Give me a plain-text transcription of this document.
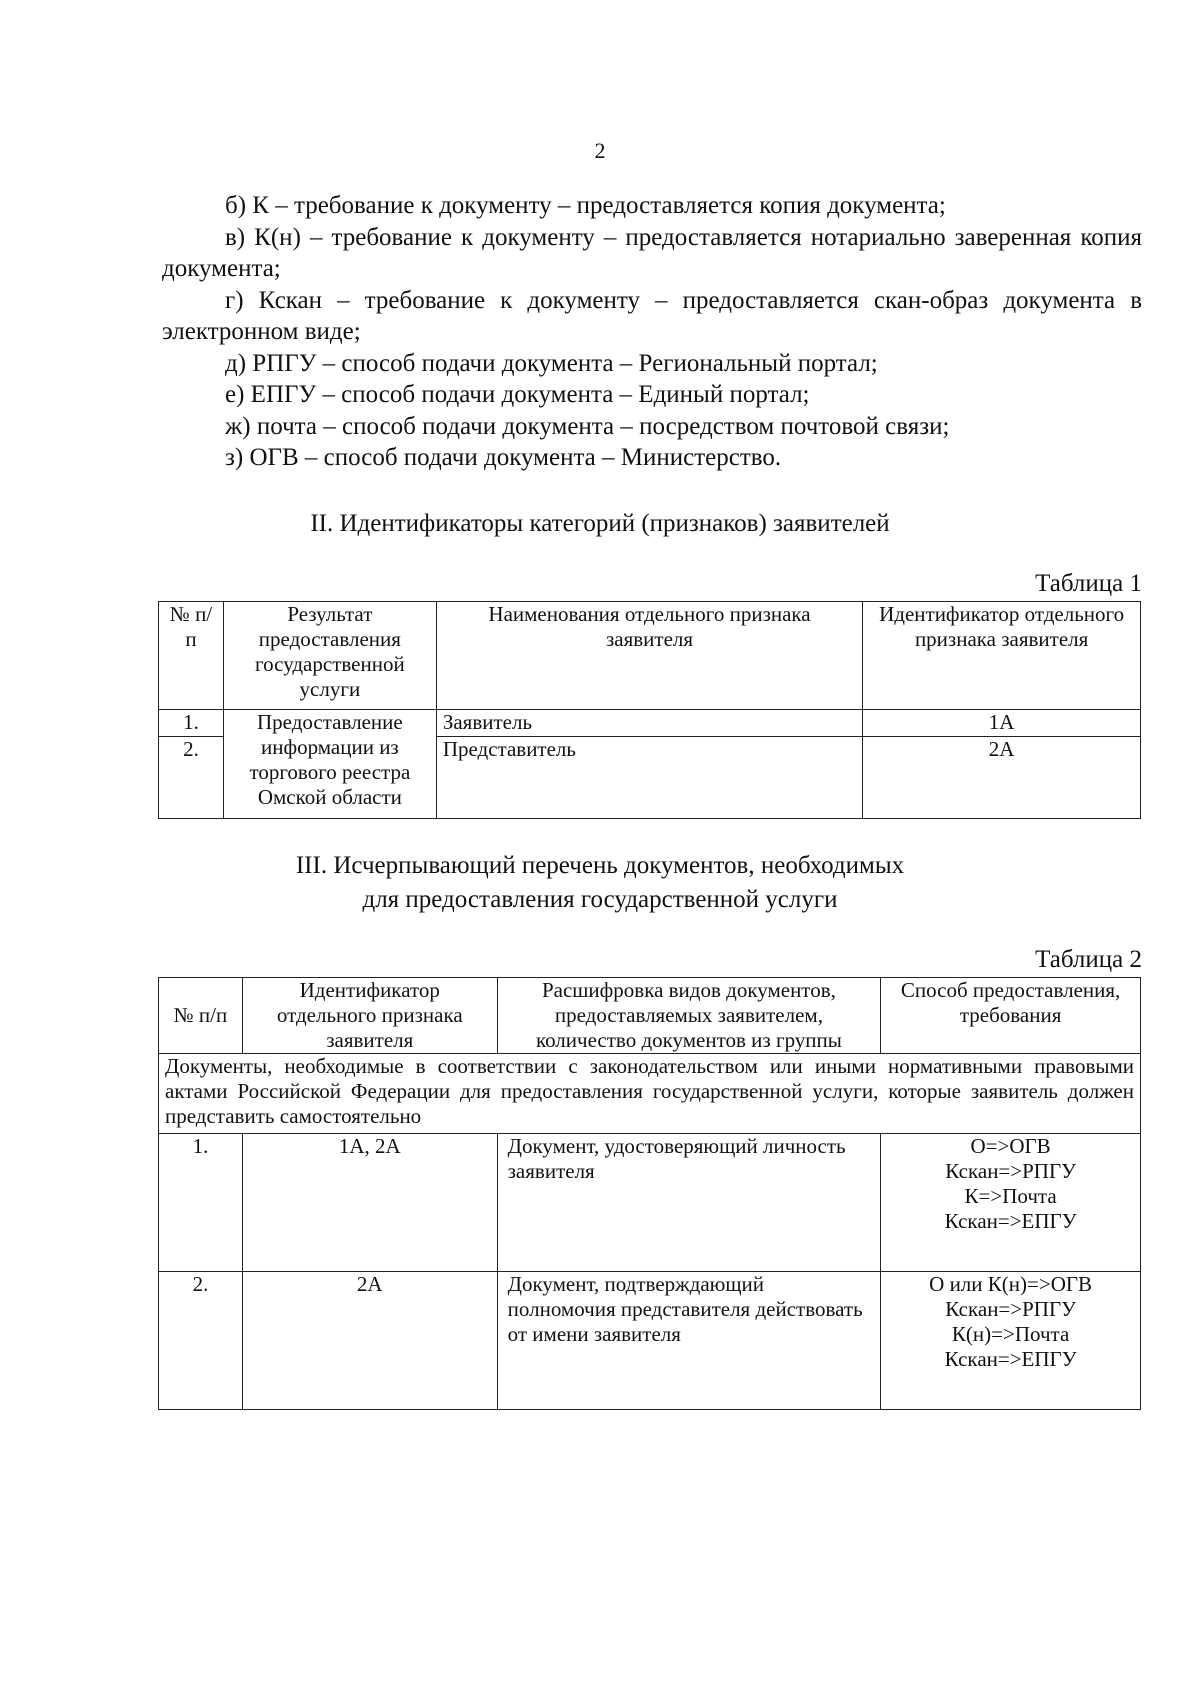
2

б) К – требование к документу – предоставляется копия документа;

в) К(н) – требование к документу – предоставляется нотариально заверенная копия документа;

г) Кскан – требование к документу – предоставляется скан-образ документа в электронном виде;

д) РПГУ – способ подачи документа – Региональный портал;

е) ЕПГУ – способ подачи документа – Единый портал;

ж) почта – способ подачи документа – посредством почтовой связи;

з) ОГВ – способ подачи документа – Министерство.

II. Идентификаторы категорий (признаков) заявителей
Таблица 1
№ п/п	Результат предоставления государственной услуги	Наименования отдельного признака заявителя	Идентификатор отдельного признака заявителя
1.	Предоставление информации из торгового реестра Омской области	Заявитель	1А
2.		Представитель	2А
III. Исчерпывающий перечень документов, необходимых
для предоставления государственной услуги
Таблица 2
№ п/п	Идентификатор отдельного признака заявителя	Расшифровка видов документов, предоставляемых заявителем, количество документов из группы	Способ предоставления, требования
Документы, необходимые в соответствии с законодательством или иными нормативными правовыми актами Российской Федерации для предоставления государственной услуги, которые заявитель должен представить самостоятельно			
1.	1А, 2А	Документ, удостоверяющий личность заявителя	О=>ОГВ
Кскан=>РПГУ
К=>Почта
Кскан=>ЕПГУ

2.	2А	Документ, подтверждающий полномочия представителя действовать от имени заявителя	О или К(н)=>ОГВ
Кскан=>РПГУ
К(н)=>Почта
Кскан=>ЕПГУ
